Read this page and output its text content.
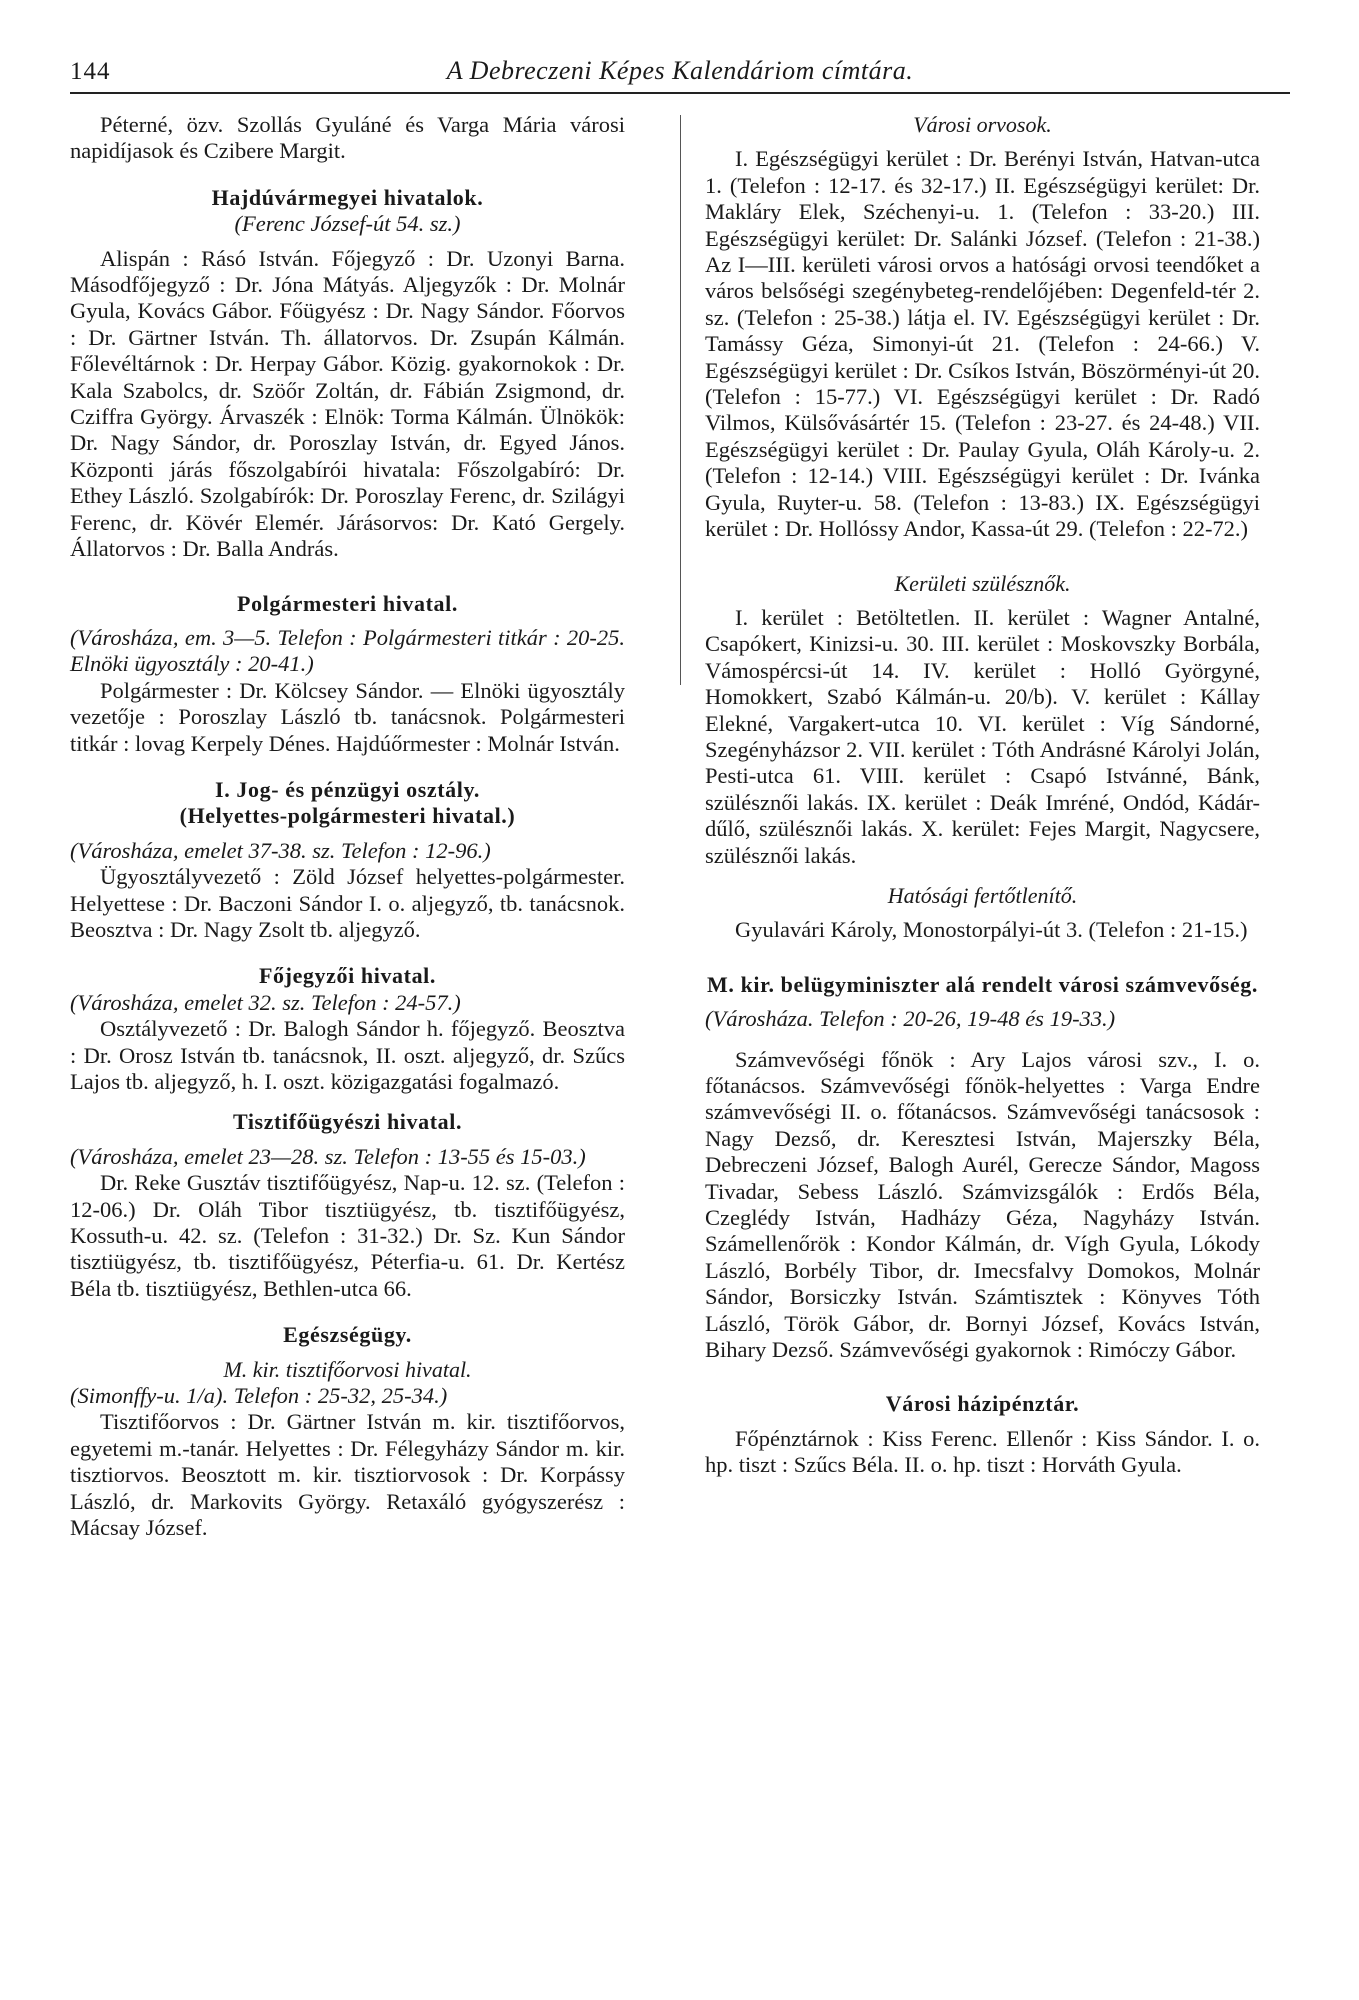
144	A Debreczeni Képes Kalendáriom címtára.

Péterné, özv. Szollás Gyuláné és Varga Mária városi napidíjasok és Czibere Margit.

Hajdúvármegyei hivatalok.
(Ferenc József-út 54. sz.)

Alispán : Rásó István. Főjegyző : Dr. Uzonyi Barna. Másodfőjegyző : Dr. Jóna Mátyás. Aljegyzők : Dr. Molnár Gyula, Kovács Gábor. Főügyész : Dr. Nagy Sándor. Főorvos : Dr. Gärtner István. Th. állatorvos. Dr. Zsupán Kálmán. Főlevéltárnok : Dr. Herpay Gábor. Közig. gyakornokok : Dr. Kala Szabolcs, dr. Szöőr Zoltán, dr. Fábián Zsigmond, dr. Cziffra György. Árvaszék : Elnök: Torma Kálmán. Ülnökök: Dr. Nagy Sándor, dr. Poroszlay István, dr. Egyed János. Központi járás főszolgabírói hivatala: Főszolgabíró: Dr. Ethey László. Szolgabírók: Dr. Poroszlay Ferenc, dr. Szilágyi Ferenc, dr. Kövér Elemér. Járásorvos: Dr. Kató Gergely. Állatorvos : Dr. Balla András.

Polgármesteri hivatal.

(Városháza, em. 3—5. Telefon : Polgármesteri titkár : 20-25. Elnöki ügyosztály : 20-41.)

Polgármester : Dr. Kölcsey Sándor. — Elnöki ügyosztály vezetője : Poroszlay László tb. tanácsnok. Polgármesteri titkár : lovag Kerpely Dénes. Hajdúőrmester : Molnár István.

I. Jog- és pénzügyi osztály.
(Helyettes-polgármesteri hivatal.)

(Városháza, emelet 37-38. sz. Telefon : 12-96.)

Ügyosztályvezető : Zöld József helyettes-polgármester. Helyettese : Dr. Baczoni Sándor I. o. aljegyző, tb. tanácsnok. Beosztva : Dr. Nagy Zsolt tb. aljegyző.

Főjegyzői hivatal.

(Városháza, emelet 32. sz. Telefon : 24-57.)

Osztályvezető : Dr. Balogh Sándor h. főjegyző. Beosztva : Dr. Orosz István tb. tanácsnok, II. oszt. aljegyző, dr. Szűcs Lajos tb. aljegyző, h. I. oszt. közigazgatási fogalmazó.

Tisztifőügyészi hivatal.

(Városháza, emelet 23—28. sz. Telefon : 13-55 és 15-03.)

Dr. Reke Gusztáv tisztifőügyész, Nap-u. 12. sz. (Telefon : 12-06.) Dr. Oláh Tibor tisztiügyész, tb. tisztifőügyész, Kossuth-u. 42. sz. (Telefon : 31-32.) Dr. Sz. Kun Sándor tisztiügyész, tb. tisztifőügyész, Péterfia-u. 61. Dr. Kertész Béla tb. tisztiügyész, Bethlen-utca 66.

Egészségügy.
M. kir. tisztifőorvosi hivatal.

(Simonffy-u. 1/a). Telefon : 25-32, 25-34.)

Tisztifőorvos : Dr. Gärtner István m. kir. tisztifőorvos, egyetemi m.-tanár. Helyettes : Dr. Félegyházy Sándor m. kir. tisztiorvos. Beosztott m. kir. tisztiorvosok : Dr. Korpássy László, dr. Markovits György. Retaxáló gyógyszerész : Mácsay József.

Városi orvosok.

I. Egészségügyi kerület : Dr. Berényi István, Hatvan-utca 1. (Telefon : 12-17. és 32-17.) II. Egészségügyi kerület: Dr. Makláry Elek, Széchenyi-u. 1. (Telefon : 33-20.) III. Egészségügyi kerület: Dr. Salánki József. (Telefon : 21-38.) Az I—III. kerületi városi orvos a hatósági orvosi teendőket a város belsőségi szegénybeteg-rendelőjében: Degenfeld-tér 2. sz. (Telefon : 25-38.) látja el. IV. Egészségügyi kerület : Dr. Tamássy Géza, Simonyi-út 21. (Telefon : 24-66.) V. Egészségügyi kerület : Dr. Csíkos István, Böszörményi-út 20. (Telefon : 15-77.) VI. Egészségügyi kerület : Dr. Radó Vilmos, Külsővásártér 15. (Telefon : 23-27. és 24-48.) VII. Egészségügyi kerület : Dr. Paulay Gyula, Oláh Károly-u. 2. (Telefon : 12-14.) VIII. Egészségügyi kerület : Dr. Ivánka Gyula, Ruyter-u. 58. (Telefon : 13-83.) IX. Egészségügyi kerület : Dr. Hollóssy Andor, Kassa-út 29. (Telefon : 22-72.)

Kerületi szülésznők.

I. kerület : Betöltetlen. II. kerület : Wagner Antalné, Csapókert, Kinizsi-u. 30. III. kerület : Moskovszky Borbála, Vámospércsi-út 14. IV. kerület : Holló Györgyné, Homokkert, Szabó Kálmán-u. 20/b). V. kerület : Kállay Elekné, Vargakert-utca 10. VI. kerület : Víg Sándorné, Szegényházsor 2. VII. kerület : Tóth Andrásné Károlyi Jolán, Pesti-utca 61. VIII. kerület : Csapó Istvánné, Bánk, szülésznői lakás. IX. kerület : Deák Imréné, Ondód, Kádár-dűlő, szülésznői lakás. X. kerület: Fejes Margit, Nagycsere, szülésznői lakás.

Hatósági fertőtlenítő.

Gyulavári Károly, Monostorpályi-út 3. (Telefon : 21-15.)

M. kir. belügyminiszter alá rendelt városi számvevőség.

(Városháza. Telefon : 20-26, 19-48 és 19-33.)

Számvevőségi főnök : Ary Lajos városi szv., I. o. főtanácsos. Számvevőségi főnök-helyettes : Varga Endre számvevőségi II. o. főtanácsos. Számvevőségi tanácsosok : Nagy Dezső, dr. Keresztesi István, Majerszky Béla, Debreczeni József, Balogh Aurél, Gerecze Sándor, Magoss Tivadar, Sebess László. Számvizsgálók : Erdős Béla, Czeglédy István, Hadházy Géza, Nagyházy István. Számellenőrök : Kondor Kálmán, dr. Vígh Gyula, Lókody László, Borbély Tibor, dr. Imecsfalvy Domokos, Molnár Sándor, Borsiczky István. Számtisztek : Könyves Tóth László, Török Gábor, dr. Bornyi József, Kovács István, Bihary Dezső. Számvevőségi gyakornok : Rimóczy Gábor.

Városi házipénztár.

Főpénztárnok : Kiss Ferenc. Ellenőr : Kiss Sándor. I. o. hp. tiszt : Szűcs Béla. II. o. hp. tiszt : Horváth Gyula.
